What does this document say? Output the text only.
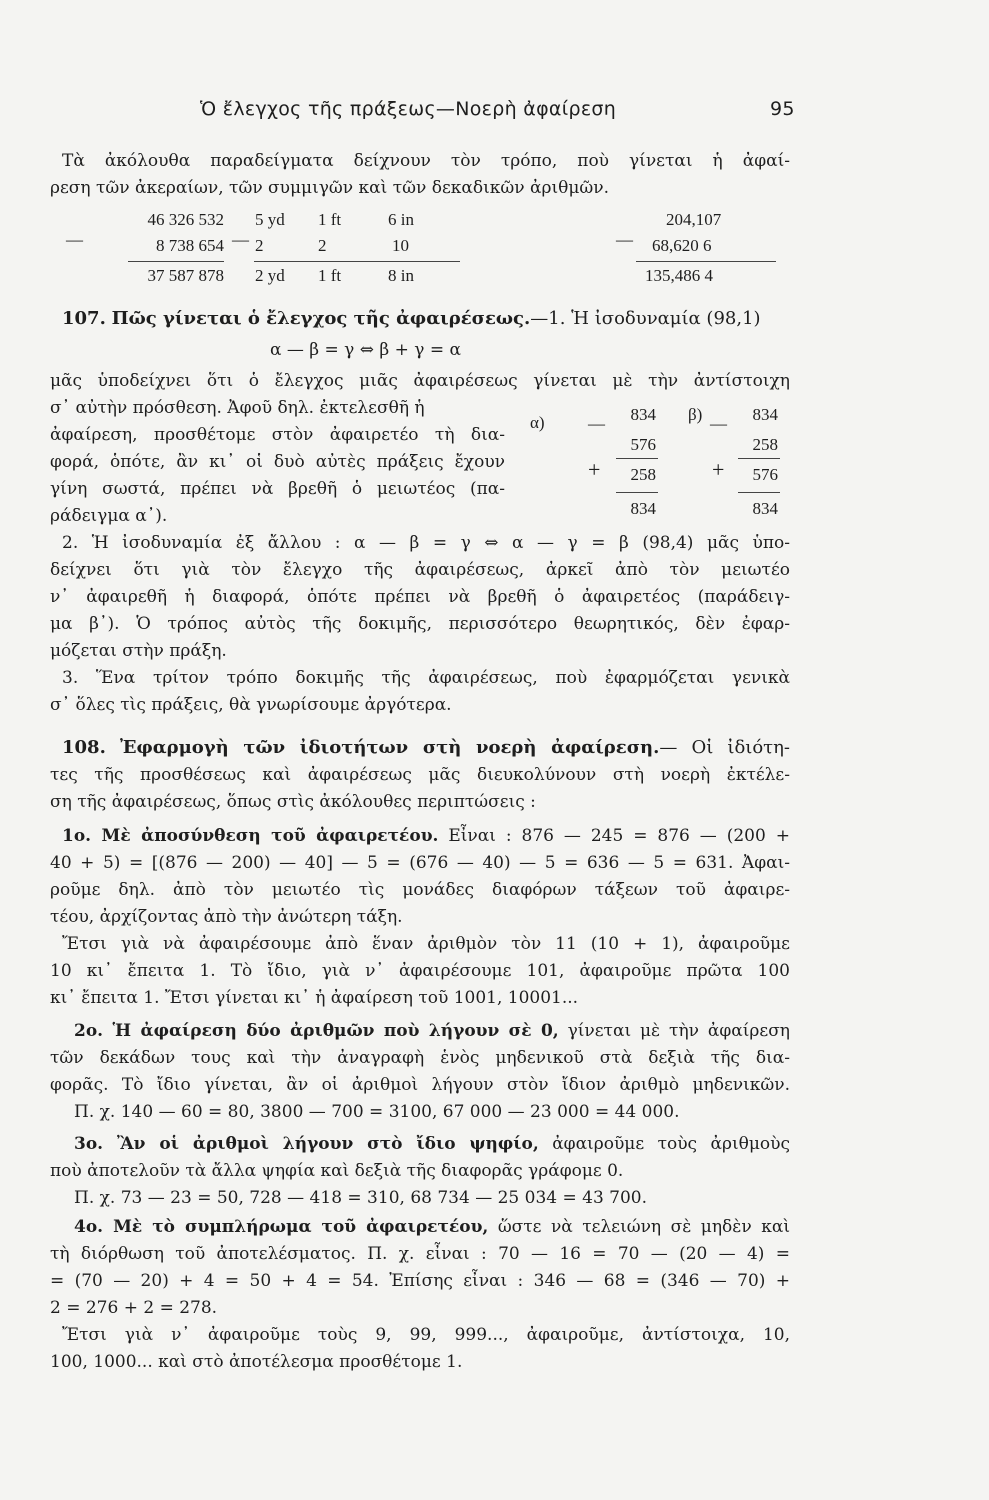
Ὁ ἔλεγχος τῆς πράξεως—Νοερὴ ἀφαίρεση	95
Τὰ ἀκόλουθα παραδείγματα δείχνουν τὸν τρόπο, ποὺ γίνεται ἡ ἀφαί-
ρεση τῶν ἀκεραίων, τῶν συμμιγῶν καὶ τῶν δεκαδικῶν ἀριθμῶν.
—
46 326 532
8 738 654
37 587 878
—
5 yd 1 ft	6 in
2	2	10
2 yd 1 ft	8 in
—
204,107
68,620 6
135,486 4
107. Πῶς γίνεται ὁ ἔλεγχος τῆς ἀφαιρέσεως.—1. Ἡ ἰσοδυναμία (98,1)
α — β = γ ⇔ β + γ = α
μᾶς ὑποδείχνει ὅτι ὁ ἔλεγχος μιᾶς ἀφαιρέσεως γίνεται μὲ τὴν ἀντίστοιχη
σ᾽ αὐτὴν πρόσθεση. Ἀφοῦ δηλ. ἐκτελεσθῆ ἡ
ἀφαίρεση, προσθέτομε στὸν ἀφαιρετέο τὴ δια-
φορά, ὁπότε, ἂν κι᾽ οἱ δυὸ αὐτὲς πράξεις ἔχουν
γίνη σωστά, πρέπει νὰ βρεθῆ ὁ μειωτέος (πα-
ράδειγμα α᾽).
α)	—	834
576
+	258
834
β) —	834
258
+	576
834
2. Ἡ ἰσοδυναμία ἐξ ἄλλου : α — β = γ ⇔ α — γ = β (98,4) μᾶς ὑπο-
δείχνει ὅτι γιὰ τὸν ἔλεγχο τῆς ἀφαιρέσεως, ἀρκεῖ ἀπὸ τὸν μειωτέο
ν᾽ ἀφαιρεθῆ ἡ διαφορά, ὁπότε πρέπει νὰ βρεθῆ ὁ ἀφαιρετέος (παράδειγ-
μα β᾽). Ὁ τρόπος αὐτὸς τῆς δοκιμῆς, περισσότερο θεωρητικός, δὲν ἐφαρ-
μόζεται στὴν πράξη.
3. Ἕνα τρίτον τρόπο δοκιμῆς τῆς ἀφαιρέσεως, ποὺ ἐφαρμόζεται γενικὰ
σ᾽ ὅλες τὶς πράξεις, θὰ γνωρίσουμε ἀργότερα.
108. Ἐφαρμογὴ τῶν ἰδιοτήτων στὴ νοερὴ ἀφαίρεση.— Οἱ ἰδιότη-
τες τῆς προσθέσεως καὶ ἀφαιρέσεως μᾶς διευκολύνουν στὴ νοερὴ ἐκτέλε-
ση τῆς ἀφαιρέσεως, ὅπως στὶς ἀκόλουθες περιπτώσεις :
1ο. Μὲ ἀποσύνθεση τοῦ ἀφαιρετέου. Εἶναι : 876 — 245 = 876 — (200 +
40 + 5) = [(876 — 200) — 40] — 5 = (676 — 40) — 5 = 636 — 5 = 631. Ἀφαι-
ροῦμε δηλ. ἀπὸ τὸν μειωτέο τὶς μονάδες διαφόρων τάξεων τοῦ ἀφαιρε-
τέου, ἀρχίζοντας ἀπὸ τὴν ἀνώτερη τάξη.
Ἔτσι γιὰ νὰ ἀφαιρέσουμε ἀπὸ ἕναν ἀριθμὸν τὸν 11 (10 + 1), ἀφαιροῦμε
10 κι᾽ ἔπειτα 1. Τὸ ἴδιο, γιὰ ν᾽ ἀφαιρέσουμε 101, ἀφαιροῦμε πρῶτα 100
κι᾽ ἔπειτα 1. Ἔτσι γίνεται κι᾽ ἡ ἀφαίρεση τοῦ 1001, 10001...
2ο. Ἡ ἀφαίρεση δύο ἀριθμῶν ποὺ λήγουν σὲ 0, γίνεται μὲ τὴν ἀφαίρεση
τῶν δεκάδων τους καὶ τὴν ἀναγραφὴ ἑνὸς μηδενικοῦ στὰ δεξιὰ τῆς δια-
φορᾶς. Τὸ ἴδιο γίνεται, ἂν οἱ ἀριθμοὶ λήγουν στὸν ἴδιον ἀριθμὸ μηδενικῶν.
Π. χ. 140 — 60 = 80, 3800 — 700 = 3100, 67 000 — 23 000 = 44 000.
3ο. Ἂν οἱ ἀριθμοὶ λήγουν στὸ ἴδιο ψηφίο, ἀφαιροῦμε τοὺς ἀριθμοὺς
ποὺ ἀποτελοῦν τὰ ἄλλα ψηφία καὶ δεξιὰ τῆς διαφορᾶς γράφομε 0.
Π. χ. 73 — 23 = 50, 728 — 418 = 310, 68 734 — 25 034 = 43 700.
4ο. Μὲ τὸ συμπλήρωμα τοῦ ἀφαιρετέου, ὥστε νὰ τελειώνη σὲ μηδὲν καὶ
τὴ διόρθωση τοῦ ἀποτελέσματος. Π. χ. εἶναι : 70 — 16 = 70 — (20 — 4) =
= (70 — 20) + 4 = 50 + 4 = 54. Ἐπίσης εἶναι : 346 — 68 = (346 — 70) +
2 = 276 + 2 = 278.
Ἔτσι γιὰ ν᾽ ἀφαιροῦμε τοὺς 9, 99, 999..., ἀφαιροῦμε, ἀντίστοιχα, 10,
100, 1000... καὶ στὸ ἀποτέλεσμα προσθέτομε 1.
